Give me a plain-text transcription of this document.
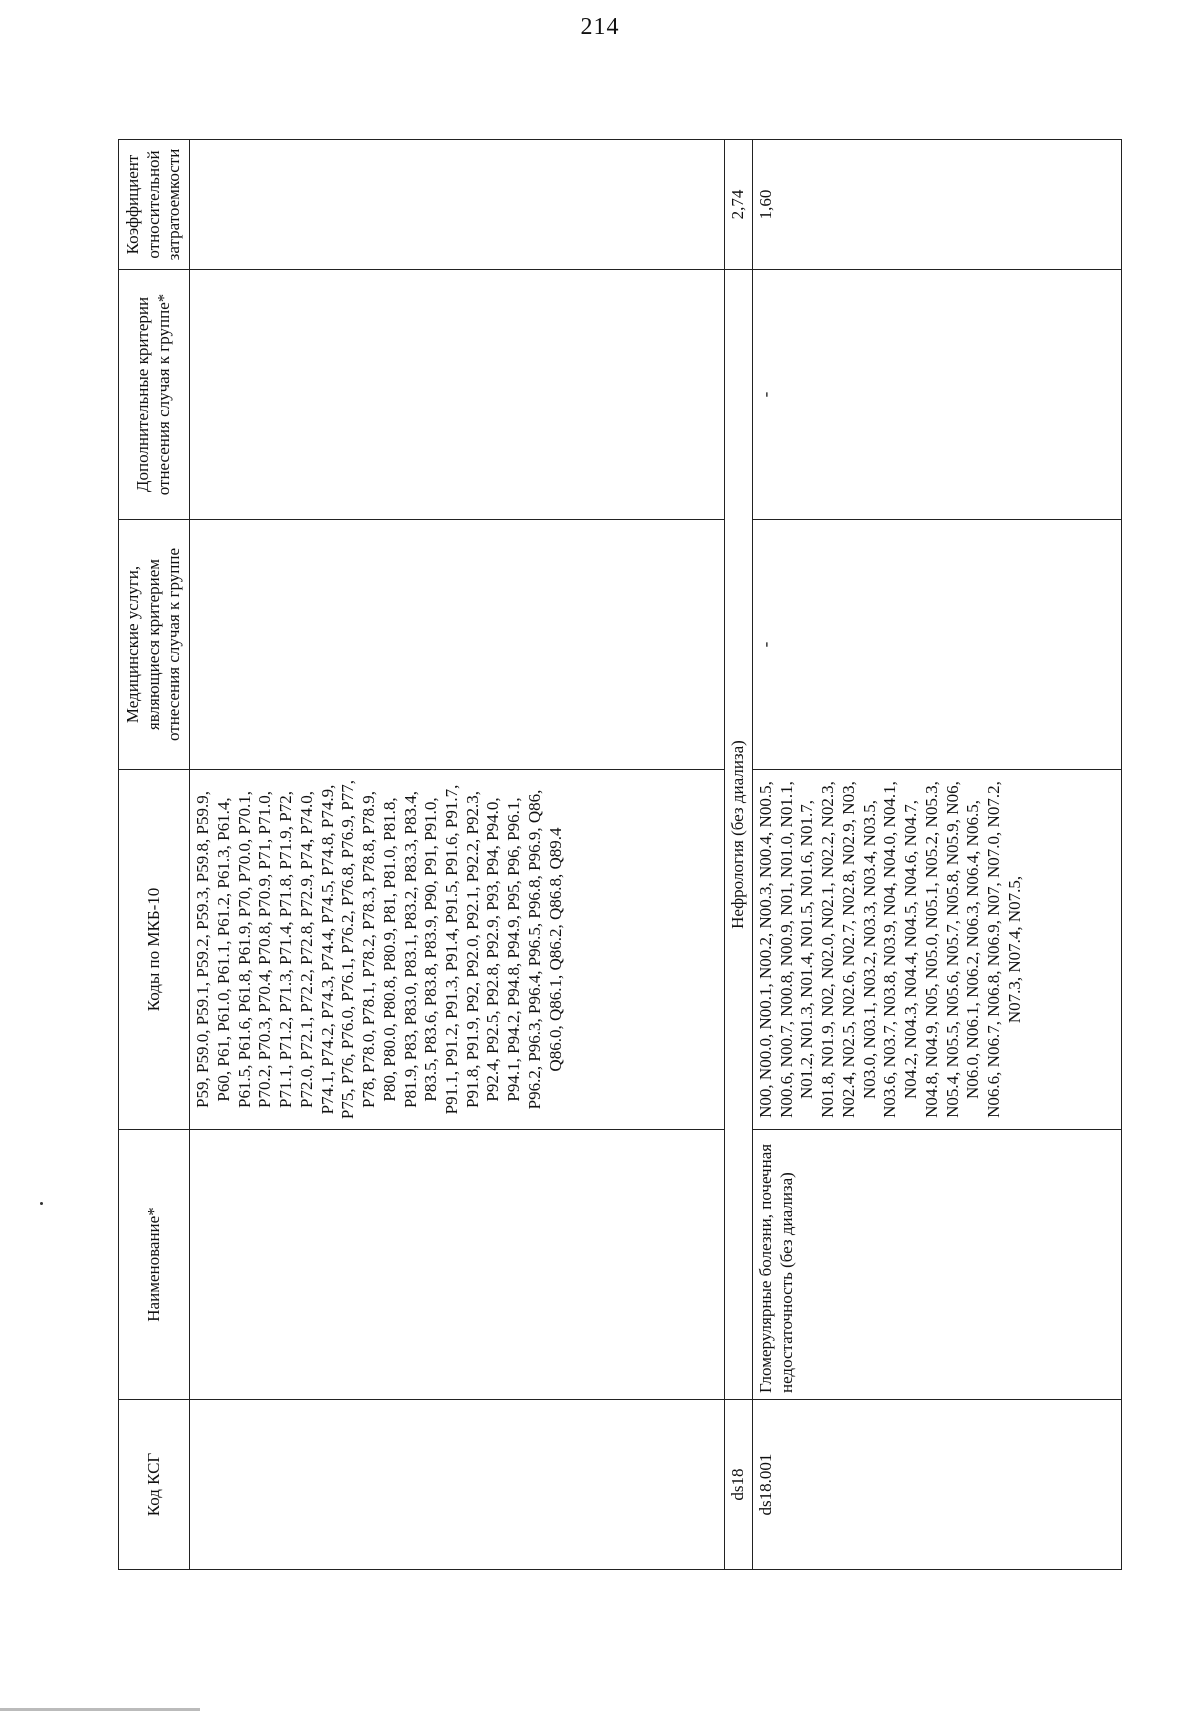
214
Код КСГ	Наименование*	Коды по МКБ-10	Медицинские услуги, являющиеся критерием отнесения случая к группе	Дополнительные критерии отнесения случая к группе*	Коэффициент относительной затратоемкости
		P59, P59.0, P59.1, P59.2, P59.3, P59.8, P59.9, P60, P61, P61.0, P61.1, P61.2, P61.3, P61.4, P61.5, P61.6, P61.8, P61.9, P70, P70.0, P70.1, P70.2, P70.3, P70.4, P70.8, P70.9, P71, P71.0, P71.1, P71.2, P71.3, P71.4, P71.8, P71.9, P72, P72.0, P72.1, P72.2, P72.8, P72.9, P74, P74.0, P74.1, P74.2, P74.3, P74.4, P74.5, P74.8, P74.9, P75, P76, P76.0, P76.1, P76.2, P76.8, P76.9, P77, P78, P78.0, P78.1, P78.2, P78.3, P78.8, P78.9, P80, P80.0, P80.8, P80.9, P81, P81.0, P81.8, P81.9, P83, P83.0, P83.1, P83.2, P83.3, P83.4, P83.5, P83.6, P83.8, P83.9, P90, P91, P91.0, P91.1, P91.2, P91.3, P91.4, P91.5, P91.6, P91.7, P91.8, P91.9, P92, P92.0, P92.1, P92.2, P92.3, P92.4, P92.5, P92.8, P92.9, P93, P94, P94.0, P94.1, P94.2, P94.8, P94.9, P95, P96, P96.1, P96.2, P96.3, P96.4, P96.5, P96.8, P96.9, Q86, Q86.0, Q86.1, Q86.2, Q86.8, Q89.4			
ds18	Нефрология (без диализа)				2,74
ds18.001	Гломерулярные болезни, почечная недостаточность (без диализа)	N00, N00.0, N00.1, N00.2, N00.3, N00.4, N00.5, N00.6, N00.7, N00.8, N00.9, N01, N01.0, N01.1, N01.2, N01.3, N01.4, N01.5, N01.6, N01.7, N01.8, N01.9, N02, N02.0, N02.1, N02.2, N02.3, N02.4, N02.5, N02.6, N02.7, N02.8, N02.9, N03, N03.0, N03.1, N03.2, N03.3, N03.4, N03.5, N03.6, N03.7, N03.8, N03.9, N04, N04.0, N04.1, N04.2, N04.3, N04.4, N04.5, N04.6, N04.7, N04.8, N04.9, N05, N05.0, N05.1, N05.2, N05.3, N05.4, N05.5, N05.6, N05.7, N05.8, N05.9, N06, N06.0, N06.1, N06.2, N06.3, N06.4, N06.5, N06.6, N06.7, N06.8, N06.9, N07, N07.0, N07.2, N07.3, N07.4, N07.5,	-	-	1,60
